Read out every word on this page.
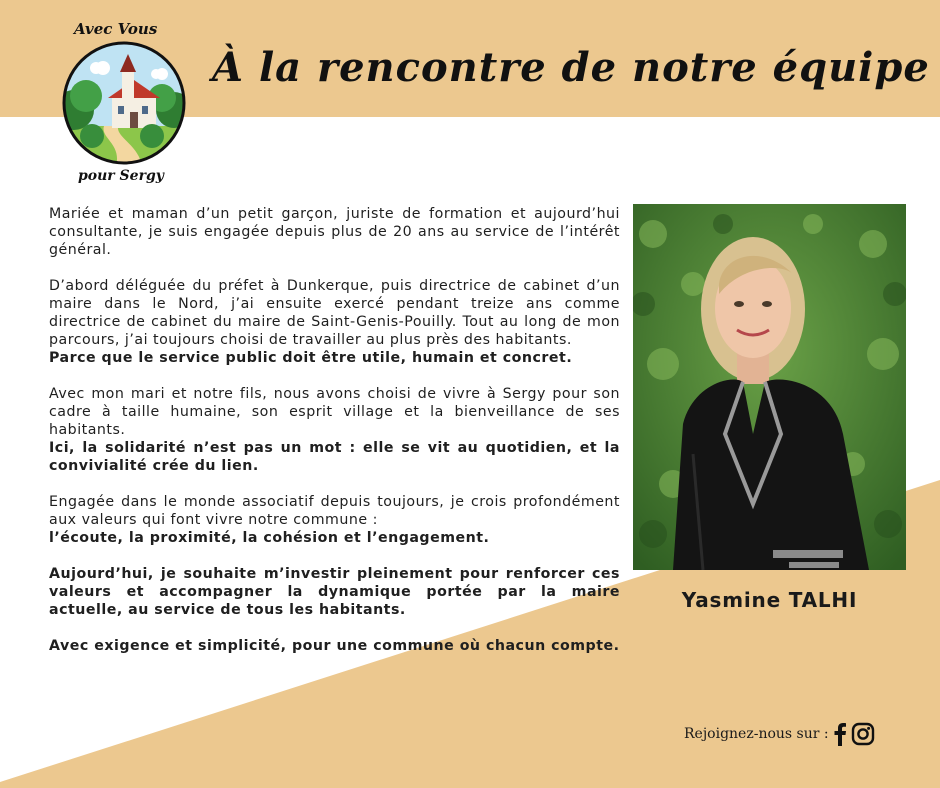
Avec Vous
pour Sergy
À la rencontre de notre équipe

Mariée et maman d’un petit garçon, juriste de formation et aujourd’hui consultante, je suis engagée depuis plus de 20 ans au service de l’intérêt général.

D’abord déléguée du préfet à Dunkerque, puis directrice de cabinet d’un maire dans le Nord, j’ai ensuite exercé pendant treize ans comme directrice de cabinet du maire de Saint-Genis-Pouilly. Tout au long de mon parcours, j’ai toujours choisi de travailler au plus près des habitants.
Parce que le service public doit être utile, humain et concret.

Avec mon mari et notre fils, nous avons choisi de vivre à Sergy pour son cadre à taille humaine, son esprit village et la bienveillance de ses habitants.
Ici, la solidarité n’est pas un mot : elle se vit au quotidien, et la convivialité crée du lien.

Engagée dans le monde associatif depuis toujours, je crois profondément aux valeurs qui font vivre notre commune :
l’écoute, la proximité, la cohésion et l’engagement.

Aujourd’hui, je souhaite m’investir pleinement pour renforcer ces valeurs et accompagner la dynamique portée par la maire actuelle, au service de tous les habitants.

Avec exigence et simplicité, pour une commune où chacun compte.

Yasmine TALHI
Rejoignez-nous sur :
